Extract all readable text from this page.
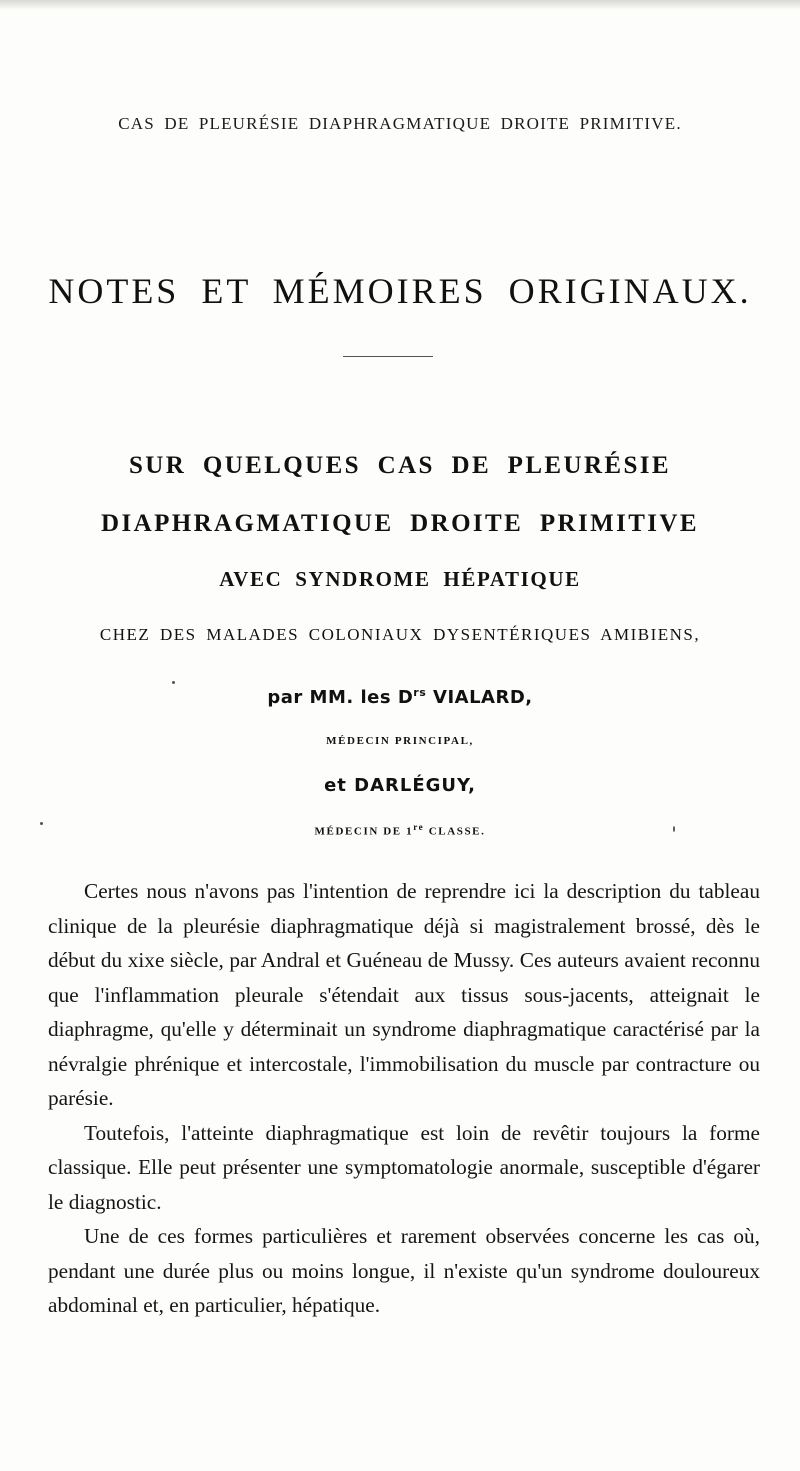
CAS DE PLEURÉSIE DIAPHRAGMATIQUE DROITE PRIMITIVE.
NOTES ET MÉMOIRES ORIGINAUX.
SUR QUELQUES CAS DE PLEURÉSIE
DIAPHRAGMATIQUE DROITE PRIMITIVE
AVEC SYNDROME HÉPATIQUE
CHEZ DES MALADES COLONIAUX DYSENTÉRIQUES AMIBIENS,
par MM. les $D^{rs}$ VIALARD,
MÉDECIN PRINCIPAL,
et DARLÉGUY,
MÉDECIN DE 1re CLASSE.

Certes nous n'avons pas l'intention de reprendre ici la description du tableau clinique de la pleurésie diaphragmatique déjà si magistralement brossé, dès le début du xixe siècle, par Andral et Guéneau de Mussy. Ces auteurs avaient reconnu que l'inflammation pleurale s'étendait aux tissus sous-jacents, atteignait le diaphragme, qu'elle y déterminait un syndrome diaphragmatique caractérisé par la névralgie phrénique et intercostale, l'immobilisation du muscle par contracture ou parésie.

Toutefois, l'atteinte diaphragmatique est loin de revêtir toujours la forme classique. Elle peut présenter une symptomatologie anormale, susceptible d'égarer le diagnostic.

Une de ces formes particulières et rarement observées concerne les cas où, pendant une durée plus ou moins longue, il n'existe qu'un syndrome douloureux abdominal et, en particulier, hépatique.
